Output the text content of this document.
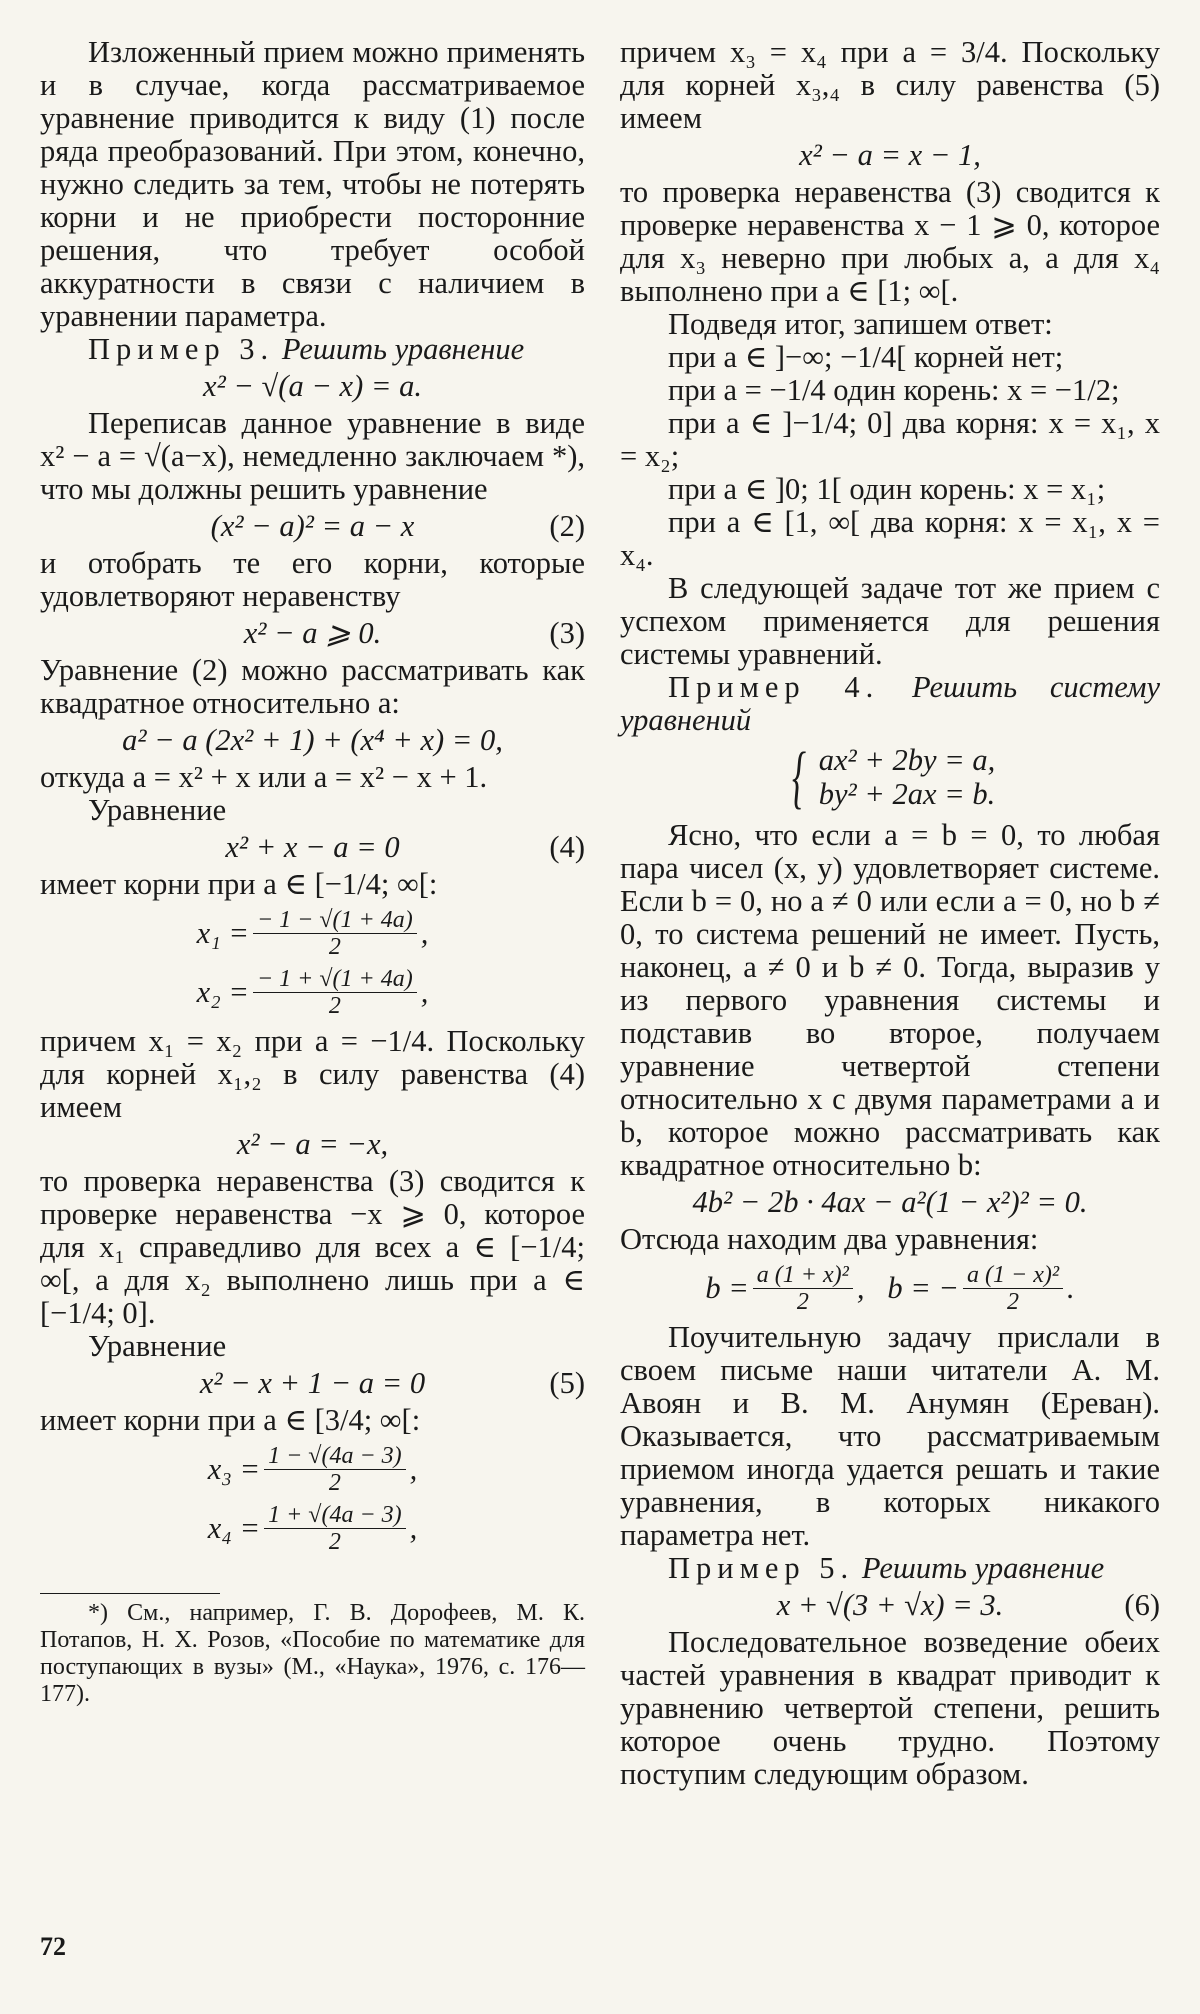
Изложенный прием можно применять и в случае, когда рассматриваемое уравнение приводится к виду (1) после ряда преобразований. При этом, конечно, нужно следить за тем, чтобы не потерять корни и не приобрести посторонние решения, что требует особой аккуратности в связи с наличием в уравнении параметра.

Пример 3. Решить уравнение

x² − √(a − x) = a.

Переписав данное уравнение в виде x² − a = √(a−x), немедленно заключаем *), что мы должны решить уравнение

(x² − a)² = a − x	(2)

и отобрать те его корни, которые удовлетворяют неравенству

x² − a ⩾ 0.	(3)

Уравнение (2) можно рассматривать как квадратное относительно a:

a² − a (2x² + 1) + (x⁴ + x) = 0,

откуда a = x² + x или a = x² − x + 1.

Уравнение

x² + x − a = 0	(4)

имеет корни при a ∈ [−1/4; ∞[:

$x_1 = \frac{- 1 - √(1 + 4a)}{2}$ ,
$x_2 = \frac{- 1 + √(1 + 4a)}{2}$ ,

причем x₁ = x₂ при a = −1/4. Поскольку для корней x₁,₂ в силу равенства (4) имеем

x² − a = −x,

то проверка неравенства (3) сводится к проверке неравенства −x ⩾ 0, которое для x₁ справедливо для всех a ∈ [−1/4; ∞[, а для x₂ выполнено лишь при a ∈ [−1/4; 0].

Уравнение

x² − x + 1 − a = 0	(5)

имеет корни при a ∈ [3/4; ∞[:

$x_3 = \frac{1 - √(4a - 3)}{2}$ ,
$x_4 = \frac{1 + √(4a - 3)}{2}$ ,

*) См., например, Г. В. Дорофеев, М. К. Потапов, Н. Х. Розов, «Пособие по математике для поступающих в вузы» (М., «Наука», 1976, с. 176—177).

причем x₃ = x₄ при a = 3/4. Поскольку для корней x₃,₄ в силу равенства (5) имеем

x² − a = x − 1,

то проверка неравенства (3) сводится к проверке неравенства x − 1 ⩾ 0, которое для x₃ неверно при любых a, а для x₄ выполнено при a ∈ [1; ∞[.

Подведя итог, запишем ответ:

при a ∈ ]−∞; −1/4[ корней нет;

при a = −1/4 один корень: x = −1/2;

при a ∈ ]−1/4; 0] два корня: x = x₁, x = x₂;

при a ∈ ]0; 1[ один корень: x = x₁;

при a ∈ [1, ∞[ два корня: x = x₁, x = x₄.

В следующей задаче тот же прием с успехом применяется для решения системы уравнений.

Пример 4. Решить систему уравнений

{ ax² + 2by = a,
by² + 2ax = b.

Ясно, что если a = b = 0, то любая пара чисел (x, y) удовлетворяет системе. Если b = 0, но a ≠ 0 или если a = 0, но b ≠ 0, то система решений не имеет. Пусть, наконец, a ≠ 0 и b ≠ 0. Тогда, выразив y из первого уравнения системы и подставив во второе, получаем уравнение четвертой степени относительно x с двумя параметрами a и b, которое можно рассматривать как квадратное относительно b:

4b² − 2b · 4ax − a²(1 − x²)² = 0.

Отсюда находим два уравнения:

$b = \frac{\text{a (1 + x)²}}{2}$ , b = − $\frac{\text{a (1 − x)²}}{2}$ .

Поучительную задачу прислали в своем письме наши читатели А. М. Авоян и В. М. Анумян (Ереван). Оказывается, что рассматриваемым приемом иногда удается решать и такие уравнения, в которых никакого параметра нет.

Пример 5. Решить уравнение

x + √(3 + √x) = 3.	(6)

Последовательное возведение обеих частей уравнения в квадрат приводит к уравнению четвертой степени, решить которое очень трудно. Поэтому поступим следующим образом.

72
